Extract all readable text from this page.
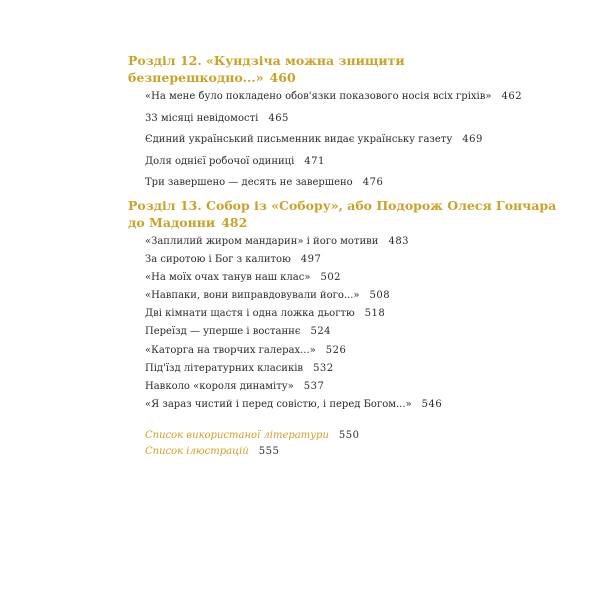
Розділ 12. «Кундзіча можна знищити безперешкодно...» 460

«На мене було покладено обов'язки показового носія всіх гріхів» 462
33 місяці невідомості 465
Єдиний український письменник видає українську газету 469
Доля однієї робочої одиниці 471
Три завершено — десять не завершено 476

Розділ 13. Собор із «Собору», або Подорож Олеся Гончара до Мадонни 482

«Заплилий жиром мандарин» і його мотиви 483
За сиротою і Бог з калитою 497
«На моїх очах танув наш клас» 502
«Навпаки, вони виправдовували його...» 508
Дві кімнати щастя і одна ложка дьогтю 518
Переїзд — уперше і востаннє 524
«Каторга на творчих галерах...» 526
Під'їзд літературних класиків 532
Навколо «короля динаміту» 537
«Я зараз чистий і перед совістю, і перед Богом...» 546
Список використаної літератури 550
Список ілюстрацій 555
